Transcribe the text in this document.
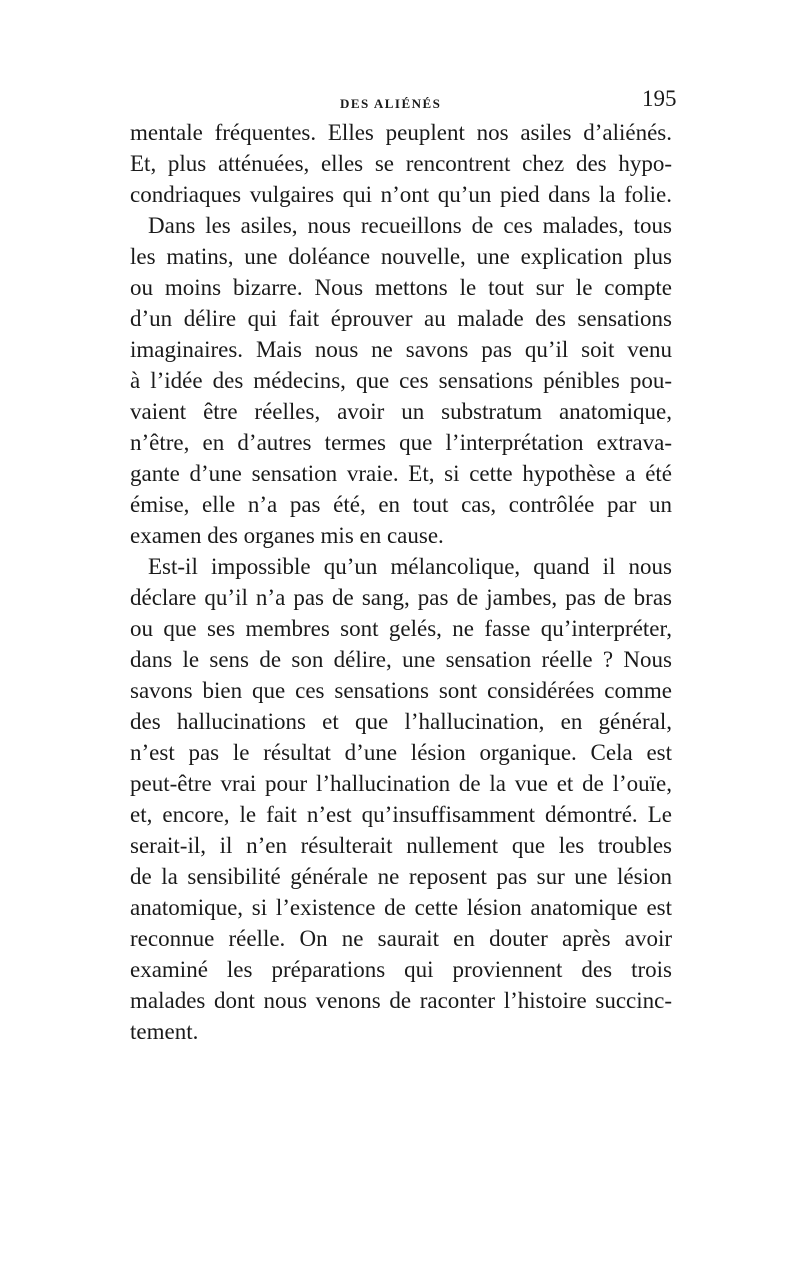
DES ALIÉNÉS	195
mentale fréquentes. Elles peuplent nos asiles d’aliénés.
Et, plus atténuées, elles se rencontrent chez des hypo-
condriaques vulgaires qui n’ont qu’un pied dans la folie.
Dans les asiles, nous recueillons de ces malades, tous
les matins, une doléance nouvelle, une explication plus
ou moins bizarre. Nous mettons le tout sur le compte
d’un délire qui fait éprouver au malade des sensations
imaginaires. Mais nous ne savons pas qu’il soit venu
à l’idée des médecins, que ces sensations pénibles pou-
vaient être réelles, avoir un substratum anatomique,
n’être, en d’autres termes que l’interprétation extrava-
gante d’une sensation vraie. Et, si cette hypothèse a été
émise, elle n’a pas été, en tout cas, contrôlée par un
examen des organes mis en cause.
Est-il impossible qu’un mélancolique, quand il nous
déclare qu’il n’a pas de sang, pas de jambes, pas de bras
ou que ses membres sont gelés, ne fasse qu’interpréter,
dans le sens de son délire, une sensation réelle ? Nous
savons bien que ces sensations sont considérées comme
des hallucinations et que l’hallucination, en général,
n’est pas le résultat d’une lésion organique. Cela est
peut-être vrai pour l’hallucination de la vue et de l’ouïe,
et, encore, le fait n’est qu’insuffisamment démontré. Le
serait-il, il n’en résulterait nullement que les troubles
de la sensibilité générale ne reposent pas sur une lésion
anatomique, si l’existence de cette lésion anatomique est
reconnue réelle. On ne saurait en douter après avoir
examiné les préparations qui proviennent des trois
malades dont nous venons de raconter l’histoire succinc-
tement.
